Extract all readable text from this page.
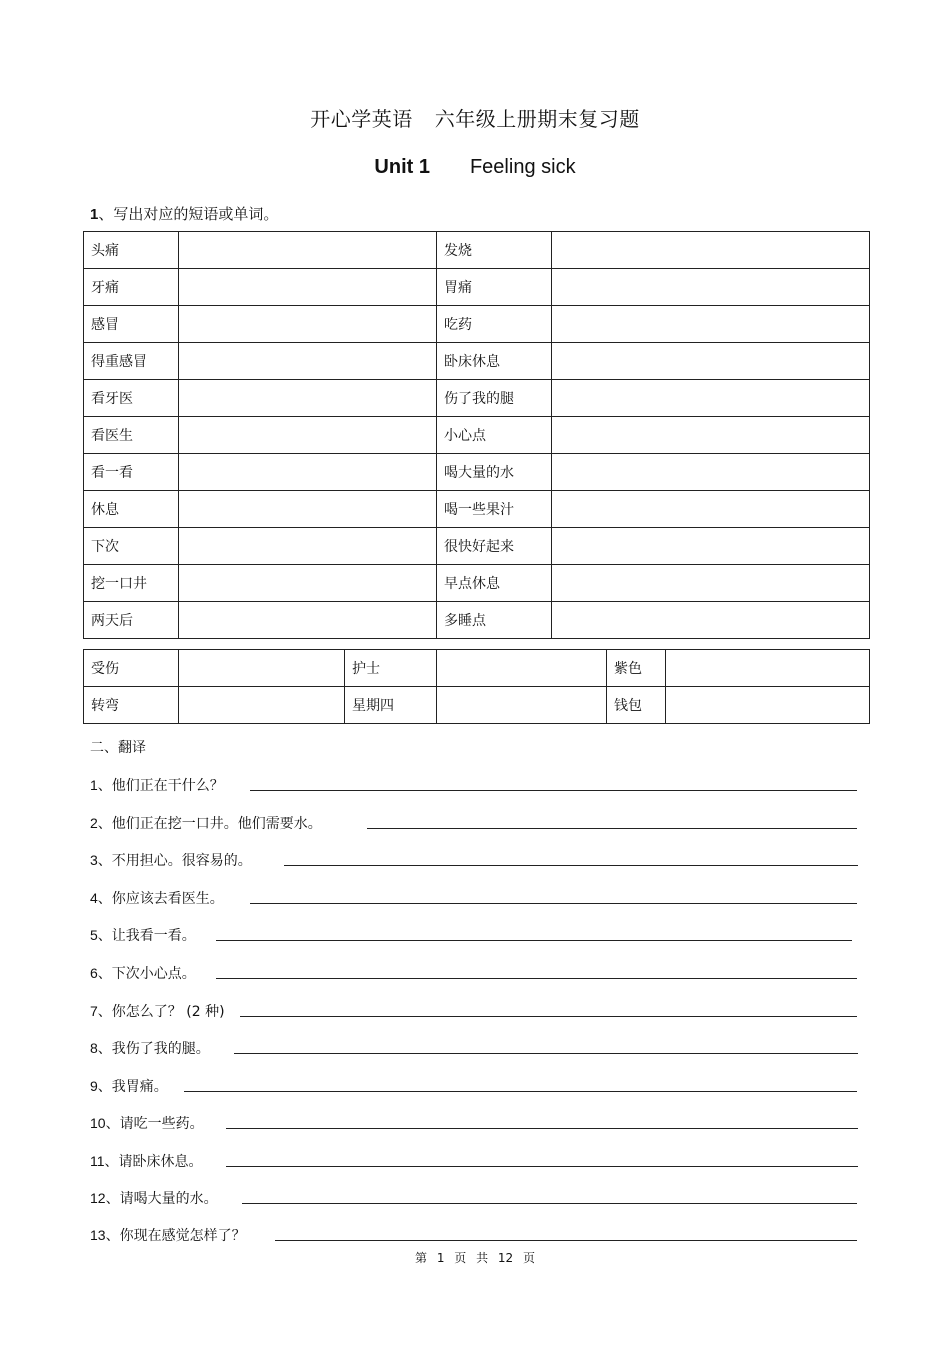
开心学英语 六年级上册期末复习题
Unit 1 Feeling sick
1、写出对应的短语或单词。
头痛		发烧	
牙痛		胃痛	
感冒		吃药	
得重感冒		卧床休息	
看牙医		伤了我的腿	
看医生		小心点	
看一看		喝大量的水	
休息		喝一些果汁	
下次		很快好起来	
挖一口井		早点休息	
两天后		多睡点	
受伤		护士		紫色	
转弯		星期四		钱包	
二、翻译
1、他们正在干什么？
2、他们正在挖一口井。他们需要水。
3、不用担心。很容易的。
4、你应该去看医生。
5、让我看一看。
6、下次小心点。
7、你怎么了？ (2 种)
8、我伤了我的腿。
9、我胃痛。
10、请吃一些药。
11、请卧床休息。
12、请喝大量的水。
13、你现在感觉怎样了？
第 1 页 共 12 页
